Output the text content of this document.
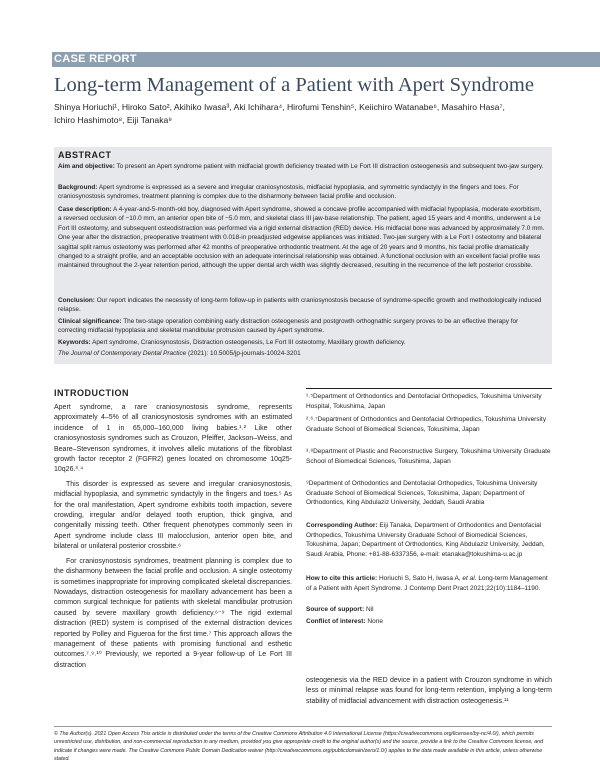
CASE REPORT
Long-term Management of a Patient with Apert Syndrome
Shinya Horiuchi¹, Hiroko Sato², Akihiko Iwasa³, Aki Ichihara⁴, Hirofumi Tenshin⁵, Keiichiro Watanabe⁶, Masahiro Hasa⁷,
Ichiro Hashimoto⁸, Eiji Tanaka⁹
ABSTRACT
Aim and objective: To present an Apert syndrome patient with midfacial growth deficiency treated with Le Fort III distraction osteogenesis and subsequent two-jaw surgery.
Background: Apert syndrome is expressed as a severe and irregular craniosynostosis, midfacial hypoplasia, and symmetric syndactyly in the fingers and toes. For craniosynostosis syndromes, treatment planning is complex due to the disharmony between facial profile and occlusion.
Case description: A 4-year-and-5-month-old boy, diagnosed with Apert syndrome, showed a concave profile accompanied with midfacial hypoplasia, moderate exorbitism, a reversed occlusion of −10.0 mm, an anterior open bite of −5.0 mm, and skeletal class III jaw-base relationship. The patient, aged 15 years and 4 months, underwent a Le Fort III osteotomy, and subsequent osteodistraction was performed via a rigid external distraction (RED) device. His midfacial bone was advanced by approximately 7.0 mm. One year after the distraction, preoperative treatment with 0.018-in preadjusted edgewise appliances was initiated. Two-jaw surgery with a Le Fort I osteotomy and bilateral sagittal split ramus osteotomy was performed after 42 months of preoperative orthodontic treatment. At the age of 20 years and 9 months, his facial profile dramatically changed to a straight profile, and an acceptable occlusion with an adequate interincisal relationship was obtained. A functional occlusion with an excellent facial profile was maintained throughout the 2-year retention period, although the upper dental arch width was slightly decreased, resulting in the recurrence of the left posterior crossbite.
Conclusion: Our report indicates the necessity of long-term follow-up in patients with craniosynostosis because of syndrome-specific growth and methodologically induced relapse.
Clinical significance: The two-stage operation combining early distraction osteogenesis and postgrowth orthognathic surgery proves to be an effective therapy for correcting midfacial hypoplasia and skeletal mandibular protrusion caused by Apert syndrome.
Keywords: Apert syndrome, Craniosynostosis, Distraction osteogenesis, Le Fort III osteotomy, Maxillary growth deficiency.
The Journal of Contemporary Dental Practice (2021): 10.5005/jp-journals-10024-3201
INTRODUCTION

Apert syndrome, a rare craniosynostosis syndrome, represents approximately 4–5% of all craniosynostosis syndromes with an estimated incidence of 1 in 65,000–160,000 living babies.¹˒² Like other craniosynostosis syndromes such as Crouzon, Pfeiffer, Jackson–Weiss, and Beare–Stevenson syndromes, it involves allelic mutations of the fibroblast growth factor receptor 2 (FGFR2) genes located on chromosome 10q25-10q26.³˒⁴

This disorder is expressed as severe and irregular craniosynostosis, midfacial hypoplasia, and symmetric syndactyly in the fingers and toes.⁵ As for the oral manifestation, Apert syndrome exhibits tooth impaction, severe crowding, irregular and/or delayed tooth eruption, thick gingiva, and congenitally missing teeth. Other frequent phenotypes commonly seen in Apert syndrome include class III malocclusion, anterior open bite, and bilateral or unilateral posterior crossbite.⁶

For craniosynostosis syndromes, treatment planning is complex due to the disharmony between the facial profile and occlusion. A single osteotomy is sometimes inappropriate for improving complicated skeletal discrepancies. Nowadays, distraction osteogenesis for maxillary advancement has been a common surgical technique for patients with skeletal mandibular protrusion caused by severe maxillary growth deficiency.⁶⁻⁹ The rigid external distraction (RED) system is comprised of the external distraction devices reported by Polley and Figueroa for the first time.⁷ This approach allows the management of these patients with promising functional and esthetic outcomes.⁷˒⁹˒¹⁰ Previously, we reported a 9-year follow-up of Le Fort III distraction

¹˒⁵Department of Orthodontics and Dentofacial Orthopedics, Tokushima University Hospital, Tokushima, Japan
²˒⁶˒⁷Department of Orthodontics and Dentofacial Orthopedics, Tokushima University Graduate School of Biomedical Sciences, Tokushima, Japan
³˒⁸Department of Plastic and Reconstructive Surgery, Tokushima University Graduate School of Biomedical Sciences, Tokushima, Japan
⁹Department of Orthodontics and Dentofacial Orthopedics, Tokushima University Graduate School of Biomedical Sciences, Tokushima, Japan; Department of Orthodontics, King Abdulaziz University, Jeddah, Saudi Arabia
Corresponding Author: Eiji Tanaka, Department of Orthodontics and Dentofacial Orthopedics, Tokushima University Graduate School of Biomedical Sciences, Tokushima, Japan; Department of Orthodontics, King Abdulaziz University, Jeddah, Saudi Arabia, Phone: +81-88-6337356, e-mail: etanaka@tokushima-u.ac.jp
How to cite this article: Horiuchi S, Sato H, Iwasa A, et al. Long-term Management of a Patient with Apert Syndrome. J Contemp Dent Pract 2021;22(10):1184–1190.
Source of support: Nil
Conflict of interest: None
osteogenesis via the RED device in a patient with Crouzon syndrome in which less or minimal relapse was found for long-term retention, implying a long-term stability of midfacial advancement with distraction osteogenesis.¹¹
© The Author(s). 2021 Open Access This article is distributed under the terms of the Creative Commons Attribution 4.0 International License (https://creativecommons.org/licenses/by-nc/4.0/), which permits unrestricted use, distribution, and non-commercial reproduction in any medium, provided you give appropriate credit to the original author(s) and the source, provide a link to the Creative Commons license, and indicate if changes were made. The Creative Commons Public Domain Dedication waiver (http://creativecommons.org/publicdomain/zero/1.0/) applies to the data made available in this article, unless otherwise stated.
